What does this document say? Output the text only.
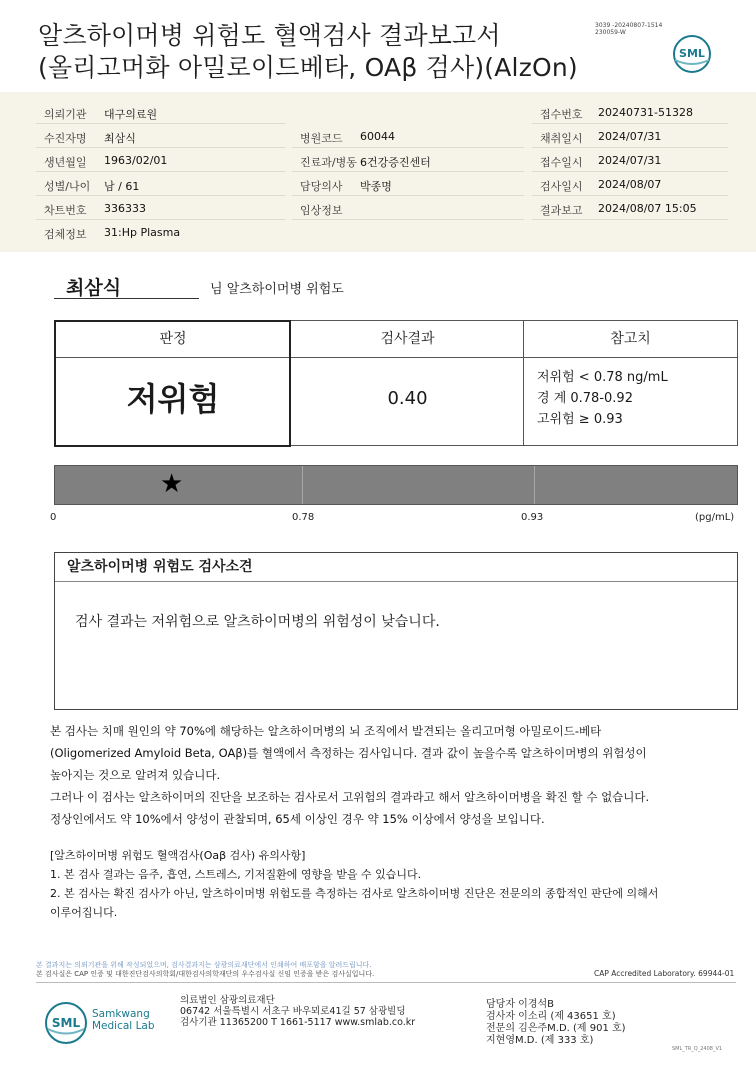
알츠하이머병 위험도 혈액검사 결과보고서
(올리고머화 아밀로이드베타, OAβ 검사)(AlzOn)
3039 -20240807-1514
230059-W
SML
의뢰기관 대구의료원	접수번호 20240731-51328
수진자명 최삼식	병원코드 60044	채취일시 2024/07/31
생년월일 1963/02/01	진료과/병동 6건강증진센터	접수일시 2024/07/31
성별/나이 남 / 61	담당의사 박종명	검사일시 2024/08/07
차트번호 336333	임상정보	결과보고 2024/08/07 15:05
검체정보 31:Hp Plasma
최삼식	님 알츠하이머병 위험도
판정	검사결과	참고치
저위험	0.40
저위험 < 0.78 ng/mL
경 계 0.78-0.92
고위험 ≥ 0.93
★
0	0.78	0.93	(pg/mL)
알츠하이머병 위험도 검사소견
검사 결과는 저위험으로 알츠하이머병의 위험성이 낮습니다.

본 검사는 치매 원인의 약 70%에 해당하는 알츠하이머병의 뇌 조직에서 발견되는 올리고머형 아밀로이드-베타

(Oligomerized Amyloid Beta, OAβ)를 혈액에서 측정하는 검사입니다. 결과 값이 높을수록 알츠하이머병의 위험성이

높아지는 것으로 알려져 있습니다.

그러나 이 검사는 알츠하이머의 진단을 보조하는 검사로서 고위험의 결과라고 해서 알츠하이머병을 확진 할 수 없습니다.

정상인에서도 약 10%에서 양성이 관찰되며, 65세 이상인 경우 약 15% 이상에서 양성을 보입니다.

[알츠하이머병 위험도 혈액검사(Oaβ 검사) 유의사항]

1. 본 검사 결과는 음주, 흡연, 스트레스, 기저질환에 영향을 받을 수 있습니다.

2. 본 검사는 확진 검사가 아닌, 알츠하이머병 위험도를 측정하는 검사로 알츠하이머병 진단은 전문의의 종합적인 판단에 의해서

이루어집니다.

본 결과지는 의뢰기관을 위해 작성되었으며, 검사결과지는 삼광의료재단에서 인쇄하여 배포함을 알려드립니다.
본 검사실은 CAP 인증 및 대한진단검사의학회/대한검사의학재단의 우수검사실 신임 인증을 받은 검사실입니다.	CAP Accredited Laboratory. 69944-01
SML
Samkwang
Medical Lab
의료법인 삼광의료재단
06742 서울특별시 서초구 바우뫼로41길 57 삼광빌딩
검사기관 11365200 T 1661-5117 www.smlab.co.kr
담당자 이경석B
검사자 이소리 (제 43651 호)
전문의 김은주M.D. (제 901 호)
지현영M.D. (제 333 호)
SML_TR_Q_2408_V1
